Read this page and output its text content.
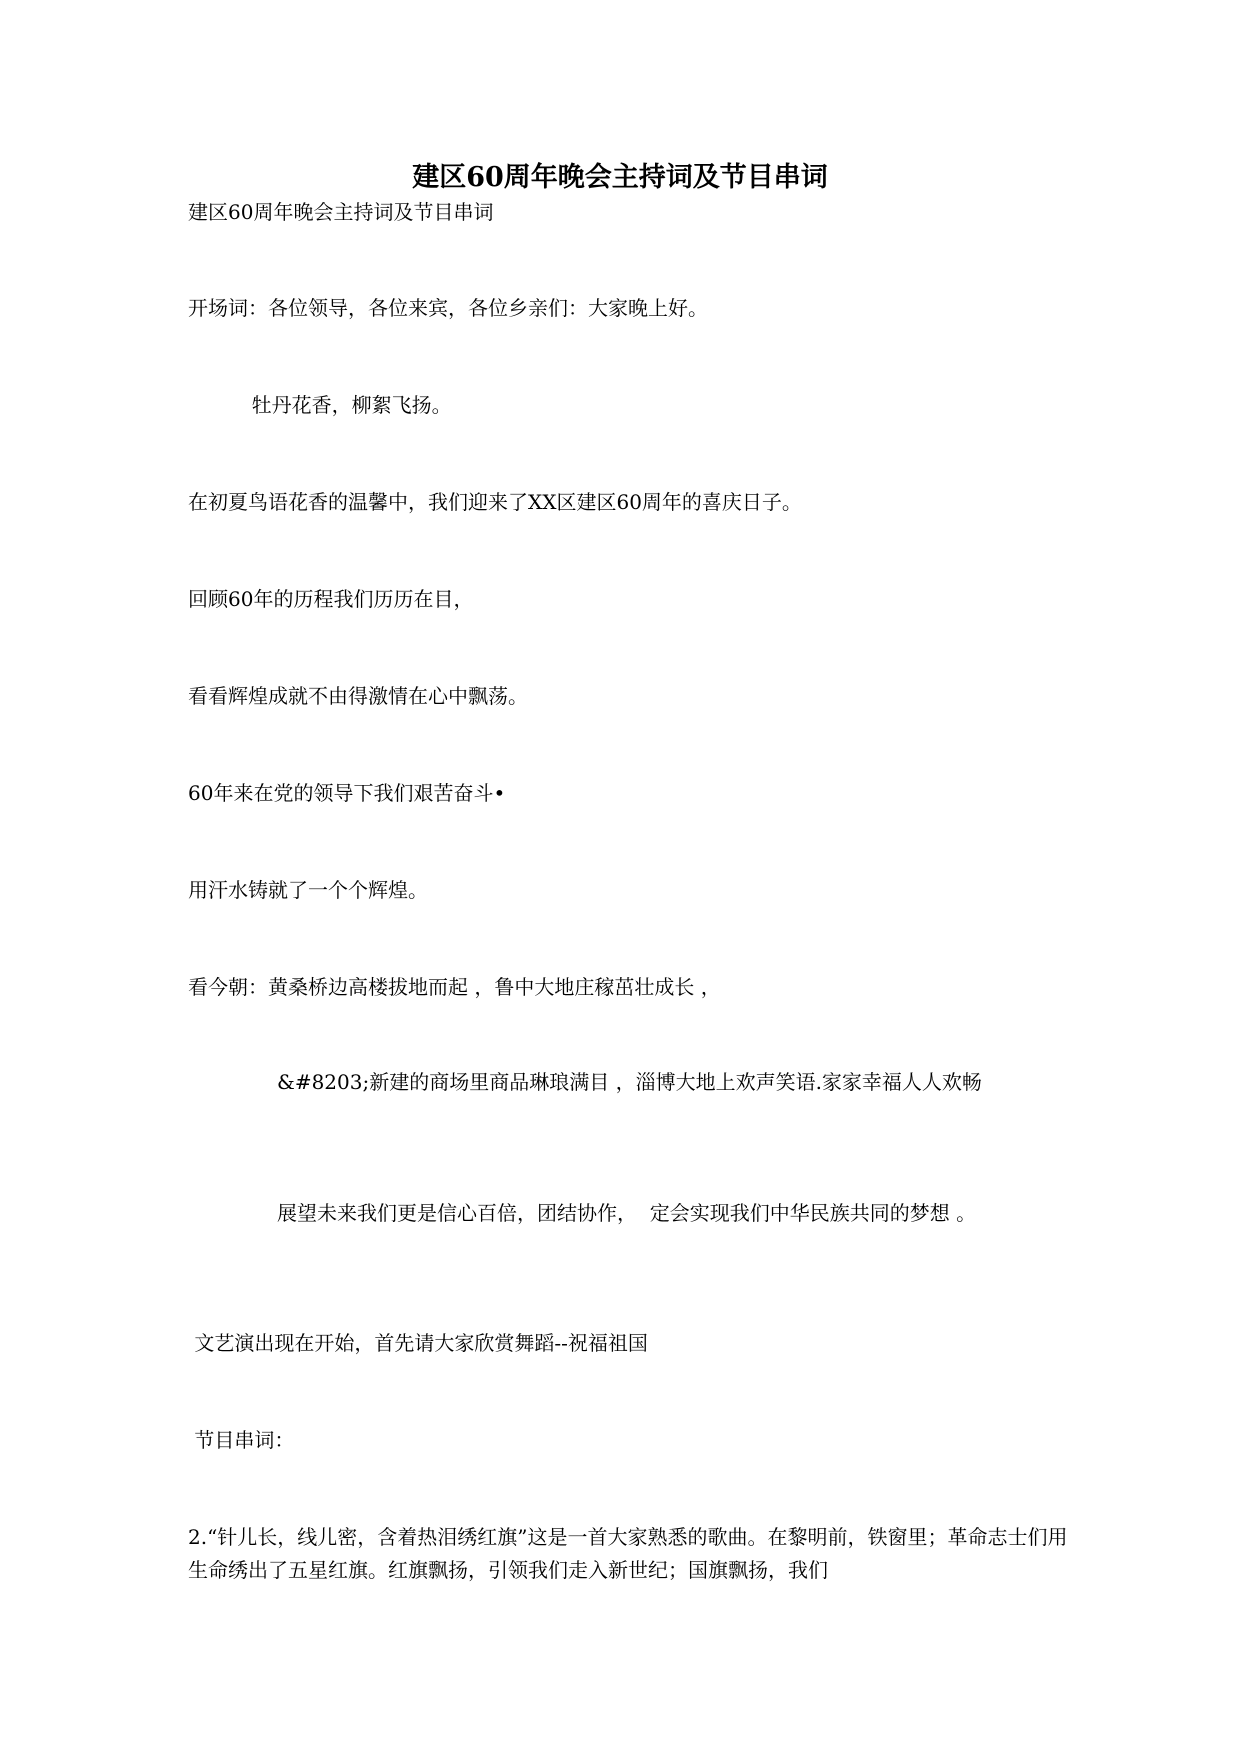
建区60周年晚会主持词及节目串词
建区60周年晚会主持词及节目串词
开场词：各位领导，各位来宾，各位乡亲们：大家晚上好。
牡丹花香，柳絮飞扬。
在初夏鸟语花香的温馨中，我们迎来了XX区建区60周年的喜庆日子。
回顾60年的历程我们历历在目，
看看辉煌成就不由得激情在心中飘荡。
60年来在党的领导下我们艰苦奋斗•
用汗水铸就了一个个辉煌。
看今朝：黄桑桥边高楼拔地而起 ，鲁中大地庄稼茁壮成长 ，
&#8203;新建的商场里商品琳琅满目 ，淄博大地上欢声笑语.家家幸福人人欢畅
展望未来我们更是信心百倍，团结协作，  定会实现我们中华民族共同的梦想 。
文艺演出现在开始，首先请大家欣赏舞蹈--祝福祖国
节目串词：
2.“针儿长，线儿密，含着热泪绣红旗”这是一首大家熟悉的歌曲。在黎明前，铁窗里；革命志士们用生命绣出了五星红旗。红旗飘扬，引领我们走入新世纪；国旗飘扬，我们
